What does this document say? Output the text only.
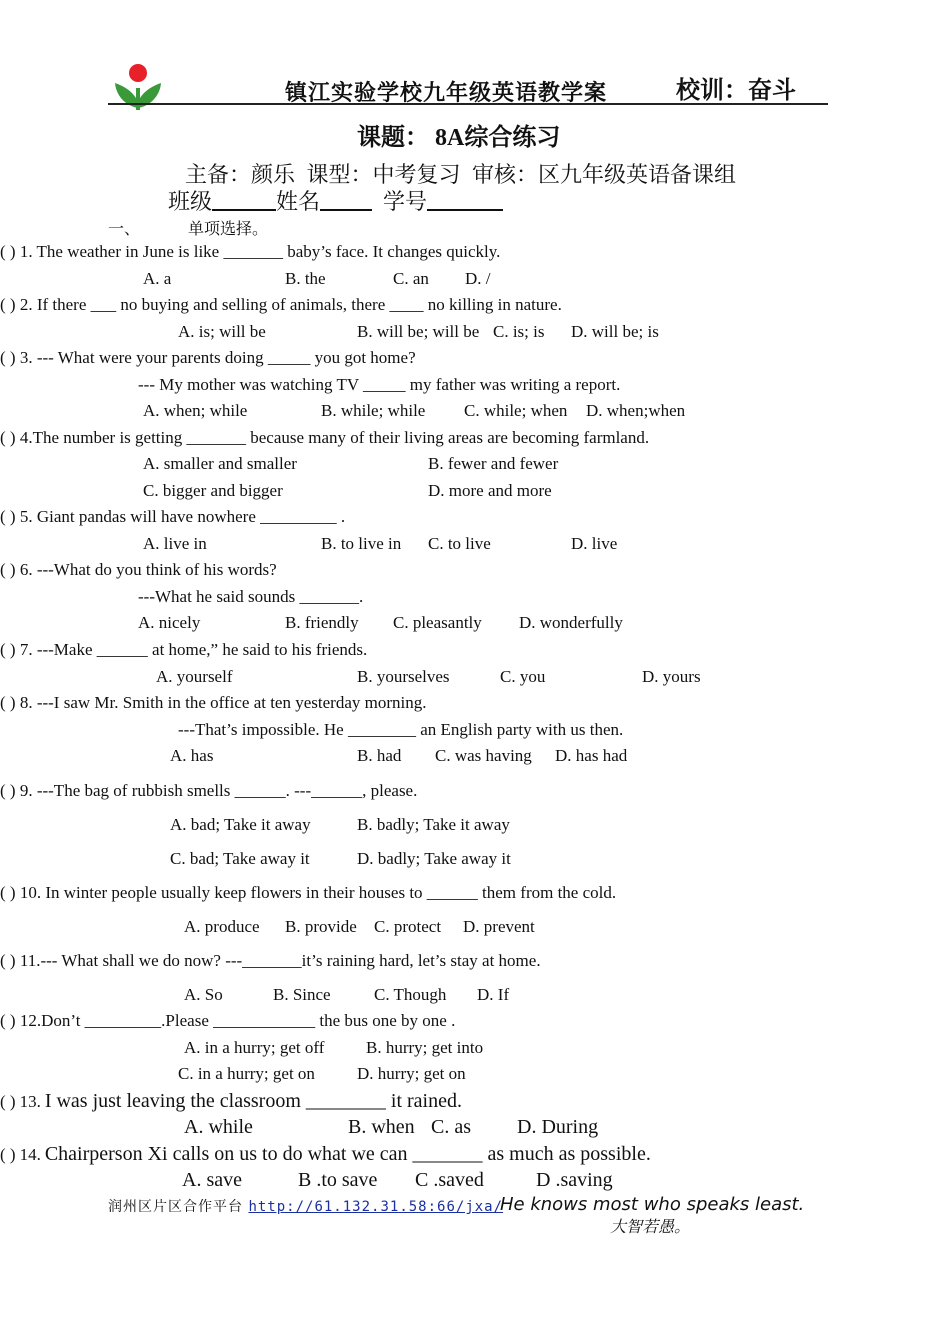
镇江实验学校九年级英语教学案	校训：奋斗
课题： 8A综合练习
主备：颜乐 课型：中考复习 审核：区九年级英语备课组
班级	姓名	学号
一、	单项选择。
( ) 1. The weather in June is like _______ baby’s face. It changes quickly.
A. a	B. the	C. an D. /
( ) 2. If there ___ no buying and selling of animals, there ____ no killing in nature.
A. is; will be	B. will be; will be C. is; is D. will be; is
( ) 3. --- What were your parents doing _____ you got home?
--- My mother was watching TV _____ my father was writing a report.
A. when; while	B. while; while C. while; when D. when;when
( ) 4.The number is getting _______ because many of their living areas are becoming farmland.
A. smaller and smaller	B. fewer and fewer
C. bigger and bigger	D. more and more
( ) 5. Giant pandas will have nowhere _________ .
A. live in	B. to live in C. to live	D. live
( ) 6. ---What do you think of his words?
---What he said sounds _______.
A. nicely	B. friendly C. pleasantly D. wonderfully
( ) 7. ---Make ______ at home,” he said to his friends.
A. yourself	B. yourselves	C. you	D. yours
( ) 8. ---I saw Mr. Smith in the office at ten yesterday morning.
---That’s impossible. He ________ an English party with us then.
A. has	B. had C. was having D. has had
( ) 9. ---The bag of rubbish smells ______. ---______, please.
A. bad; Take it away	B. badly; Take it away
C. bad; Take away it	D. badly; Take away it
( ) 10. In winter people usually keep flowers in their houses to ______ them from the cold.
A. produce B. provide C. protect D. prevent
( ) 11.--- What shall we do now? ---_______it’s raining hard, let’s stay at home.
A. So	B. Since	C. Though D. If
( ) 12.Don’t _________.Please ____________ the bus one by one .
A. in a hurry; get off B. hurry; get into
C. in a hurry; get on D. hurry; get on
( ) 13. I was just leaving the classroom ________ it rained.
A. while	B. when C. as D. During
( ) 14. Chairperson Xi calls on us to do what we can _______ as much as possible.
A. save	B .to save C .saved	D .saving
润州区片区合作平台 http://61.132.31.58:66/jxa/
He knows most who speaks least.
大智若愚。
